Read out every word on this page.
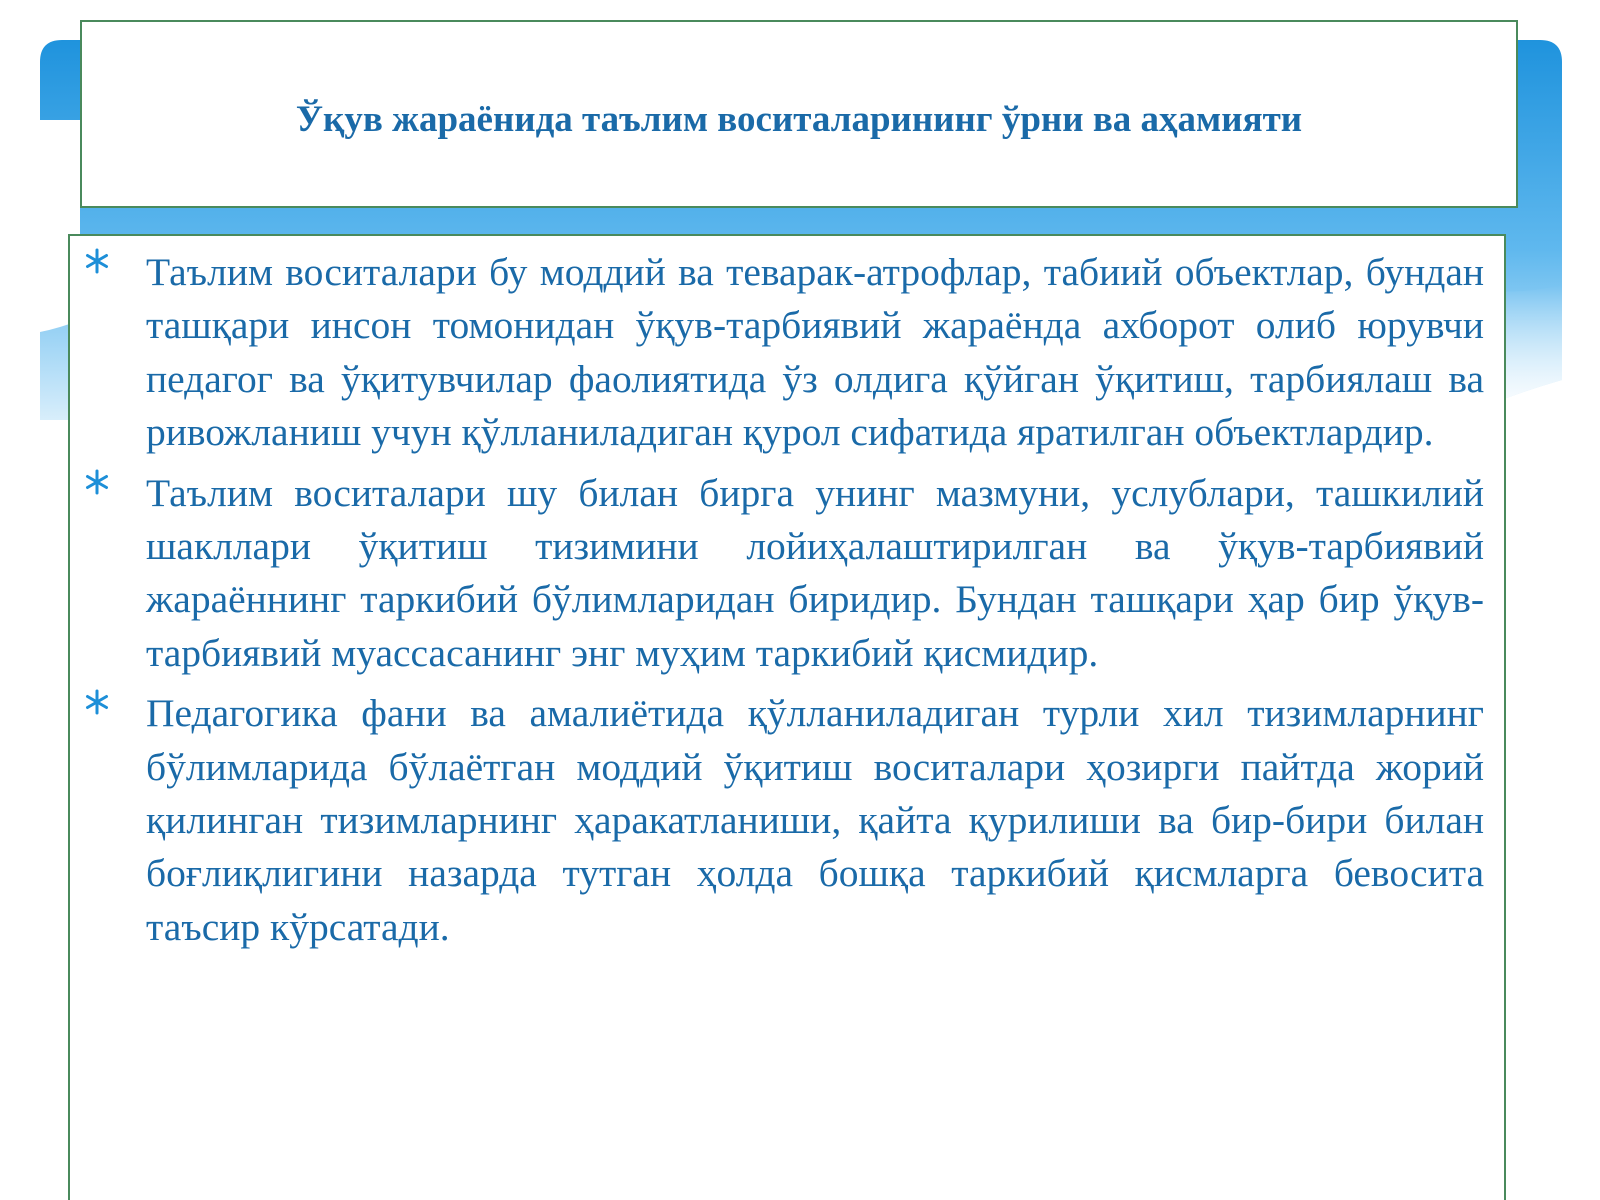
Ўқув жараёнида таълим воситаларининг ўрни ва аҳамияти
Таълим воситалари бу моддий ва теварак-атрофлар, табиий объектлар, бундан ташқари инсон томонидан ўқув-тарбиявий жараёнда ахборот олиб юрувчи педагог ва ўқитувчилар фаолиятида ўз олдига қўйган ўқитиш, тарбиялаш ва ривожланиш учун қўлланиладиган қурол сифатида яратилган объектлардир.
Таълим воситалари шу билан бирга унинг мазмуни, услублари, ташкилий шакллари ўқитиш тизимини лойиҳалаштирилган ва ўқув-тарбиявий жараённинг таркибий бўлимларидан биридир. Бундан ташқари ҳар бир ўқув-тарбиявий муассасанинг энг муҳим таркибий қисмидир.
Педагогика фани ва амалиётида қўлланиладиган турли хил тизимларнинг бўлимларида бўлаётган моддий ўқитиш воситалари ҳозирги пайтда жорий қилинган тизимларнинг ҳаракатланиши, қайта қурилиши ва бир-бири билан боғлиқлигини назарда тутган ҳолда бошқа таркибий қисмларга бевосита таъсир кўрсатади.
